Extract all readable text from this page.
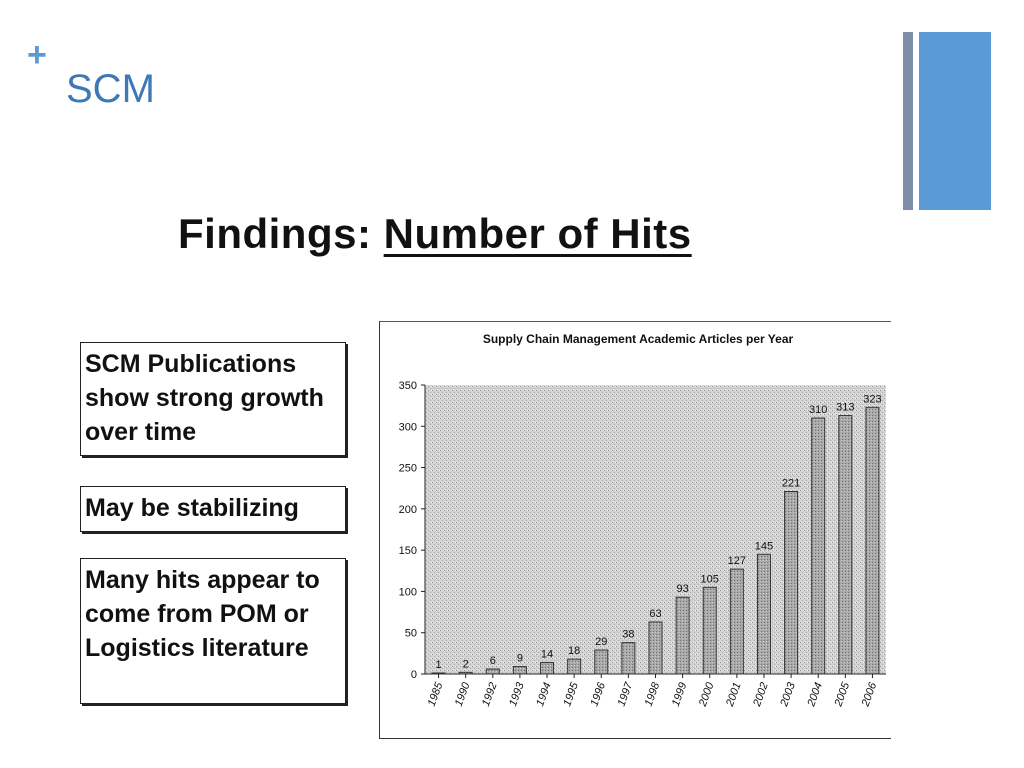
+
SCM
Findings: Number of Hits
SCM Publications show strong growth over time
May be stabilizing
Many hits appear to come from POM or Logistics literature
Supply Chain Management Academic Articles per Year
0
50
100
150
200
250
300
350
1
1985
2
1990
6
1992
9
1993
14
1994
18
1995
29
1996
38
1997
63
1998
93
1999
105
2000
127
2001
145
2002
221
2003
310
2004
313
2005
323
2006
